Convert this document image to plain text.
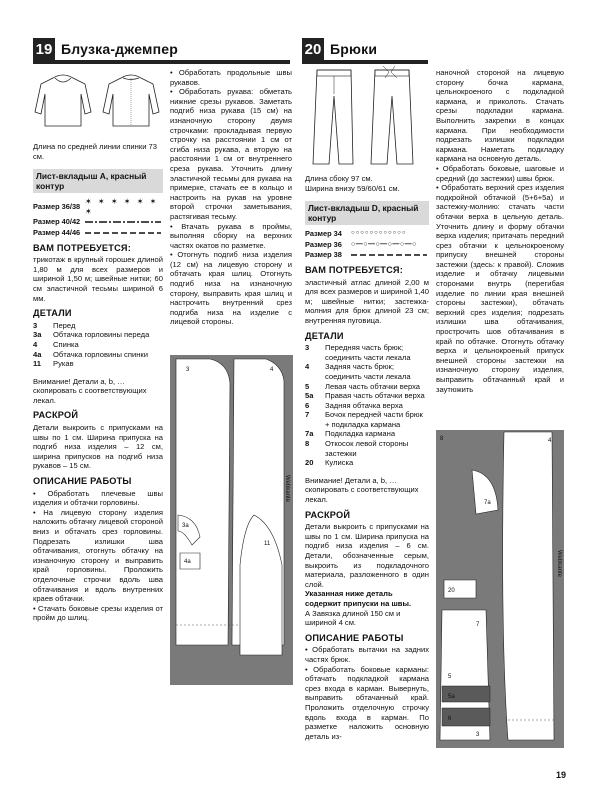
19 Блузка-джемпер

Длина по средней линии спинки 73 см.

Лист-вкладыш А, красный контур
Размер 36/38
✶ ✶ ✶ ✶ ✶ ✶ ✶
Размер 40/42
Размер 44/46
ВАМ ПОТРЕБУЕТСЯ:

трикотаж в крупный горошек длиной 1,80 м для всех размеров и шириной 1,50 м; швейные нитки; 60 см эластичной тесьмы шириной 6 мм.

ДЕТАЛИ
3	Перед
3а	Обтачка горловины переда
4	Спинка
4а	Обтачка горловины спинки
11	Рукав

Внимание! Детали а, b, … скопировать с соответствующих лекал.

РАСКРОЙ

Детали выкроить с припусками на швы по 1 см. Ширина припуска на подгиб низа изделия – 12 см, ширина припусков на подгиб низа рукавов – 15 см.

ОПИСАНИЕ РАБОТЫ

• Обработать плечевые швы изделия и обтачки горловины.

• На лицевую сторону изделия наложить обтачку лицевой стороной вниз и обтачать срез горловины. Подрезать излишки шва обтачивания, отогнуть обтачку на изнаночную сторону и выправить край горловины. Проложить отделочные строчки вдоль шва обтачивания и вдоль внутренних краев обтачки.

• Стачать боковые срезы изделия от пройм до шлиц.

• Обработать продольные швы рукавов.

• Обработать рукава: обметать нижние срезы рукавов. Заметать подгиб низа рукава (15 см) на изнаночную сторону двумя строчками: прокладывая первую строчку на расстоянии 1 см от сгиба низа рукава, а вторую на расстоянии 1 см от внутреннего среза рукава. Уточнить длину эластичной тесьмы для рукава на примерке, стачать ее в кольцо и настроить на рукав на уровне второй строчки заметывания, растягивая тесьму.

• Втачать рукава в проймы, выполняя сборку на верхних частях окатов по разметке.

• Отогнуть подгиб низа изделия (12 см) на лицевую сторону и обтачать края шлиц. Отогнуть подгиб низа на изнаночную сторону, выправить края шлиц и настрочить внутренний срез подгиба низа на изделие с лицевой стороны.

3	4
3а
4а
11
Webkante
20 Брюки

Длина сбоку 97 см.
Ширина внизу 59/60/61 см.

Лист-вкладыш D, красный контур
Размер 34	○○○○○○○○○○○○
Размер 36	○―○―○―○―○―○
Размер 38
ВАМ ПОТРЕБУЕТСЯ:

эластичный атлас длиной 2,00 м для всех размеров и шириной 1,40 м; швейные нитки; застежка-молния для брюк длиной 23 см; внутренняя пуговица.

ДЕТАЛИ
3	Передняя часть брюк; соединить части лекала
4	Задняя часть брюк; соединить части лекала
5	Левая часть обтачки верха
5а	Правая часть обтачки верха
6	Задняя обтачка верха
7	Бочок передней части брюк + подкладка кармана
7а	Подкладка кармана
8	Откосок левой стороны застежки
20	Кулиска

Внимание! Детали а, b, … скопировать с соответствующих лекал.

РАСКРОЙ

Детали выкроить с припусками на швы по 1 см. Ширина припуска на подгиб низа изделия – 6 см. Детали, обозначенные серым, выкроить из подкладочного материала, разложенного в один слой.

Указанная ниже деталь содержит припуски на швы.

А Завязка длиной 150 см и шириной 4 см.

ОПИСАНИЕ РАБОТЫ

• Обработать вытачки на задних частях брюк.

• Обработать боковые карманы: обтачать подкладкой кармана срез входа в карман. Вывернуть, выправить обтачанный край. Проложить отделочную строчку вдоль входа в карман. По разметке наложить основную деталь из-

наночной стороной на лицевую сторону бочка кармана, цельнокроеного с подкладкой кармана, и приколоть. Стачать срезы подкладки кармана. Выполнить закрепки в концах кармана. При необходимости подрезать излишки подкладки кармана. Наметать подкладку кармана на основную деталь.

• Обработать боковые, шаговые и средний (до застежки) швы брюк.

• Обработать верхний срез изделия подкройной обтачкой (5+6+5а) и застежку-молнию: стачать части обтачки верха в цельную деталь. Уточнить длину и форму обтачки верха изделия; притачать передний срез обтачки к цельнокроеному припуску внешней стороны застежки (здесь: к правой). Сложив изделие и обтачку лицевыми сторонами внутрь (перегибая изделие по линии края внешней стороны застежки), обтачать верхний срез изделия; подрезать излишки шва обтачивания, прострочить шов обтачивания в край по обтачке. Отогнуть обтачку верха и цельнокроеный припуск внешней стороны застежки на изнаночную сторону изделия, выправить обтачанный край и заутюжить

8
7а
4
20
5
5а
6
7
3
Webkante
19
